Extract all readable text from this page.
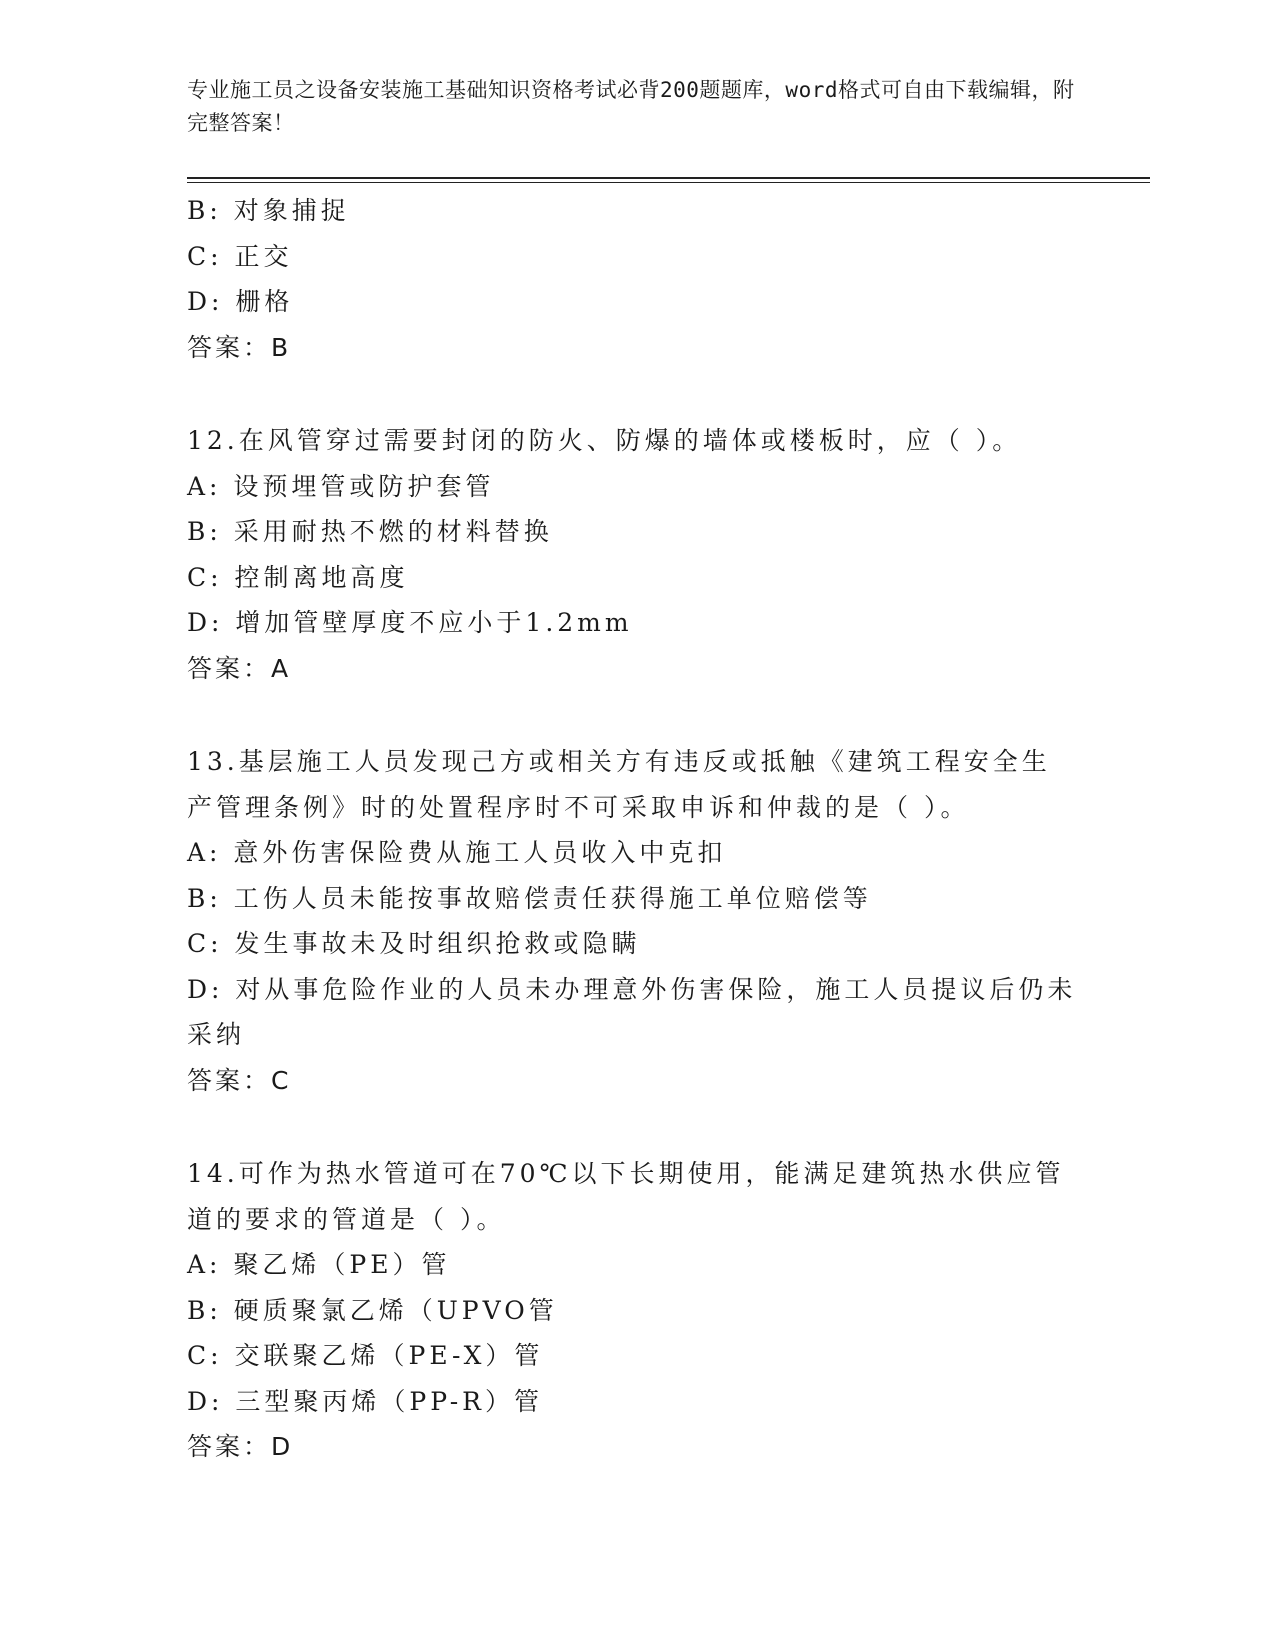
专业施工员之设备安装施工基础知识资格考试必背200题题库，word格式可自由下载编辑，附完整答案！
B: 对象捕捉
C: 正交
D: 栅格
答案：B
12.在风管穿过需要封闭的防火、防爆的墙体或楼板时，应（ ）。
A: 设预埋管或防护套管
B: 采用耐热不燃的材料替换
C: 控制离地高度
D: 增加管壁厚度不应小于1.2mm
答案：A
13.基层施工人员发现己方或相关方有违反或抵触《建筑工程安全生产管理条例》时的处置程序时不可采取申诉和仲裁的是（ ）。
A: 意外伤害保险费从施工人员收入中克扣
B: 工伤人员未能按事故赔偿责任获得施工单位赔偿等
C: 发生事故未及时组织抢救或隐瞒
D: 对从事危险作业的人员未办理意外伤害保险，施工人员提议后仍未采纳
答案：C
14.可作为热水管道可在70℃以下长期使用，能满足建筑热水供应管道的要求的管道是（ ）。
A: 聚乙烯（PE）管
B: 硬质聚氯乙烯（UPVO管
C: 交联聚乙烯（PE-X）管
D: 三型聚丙烯（PP-R）管
答案：D
